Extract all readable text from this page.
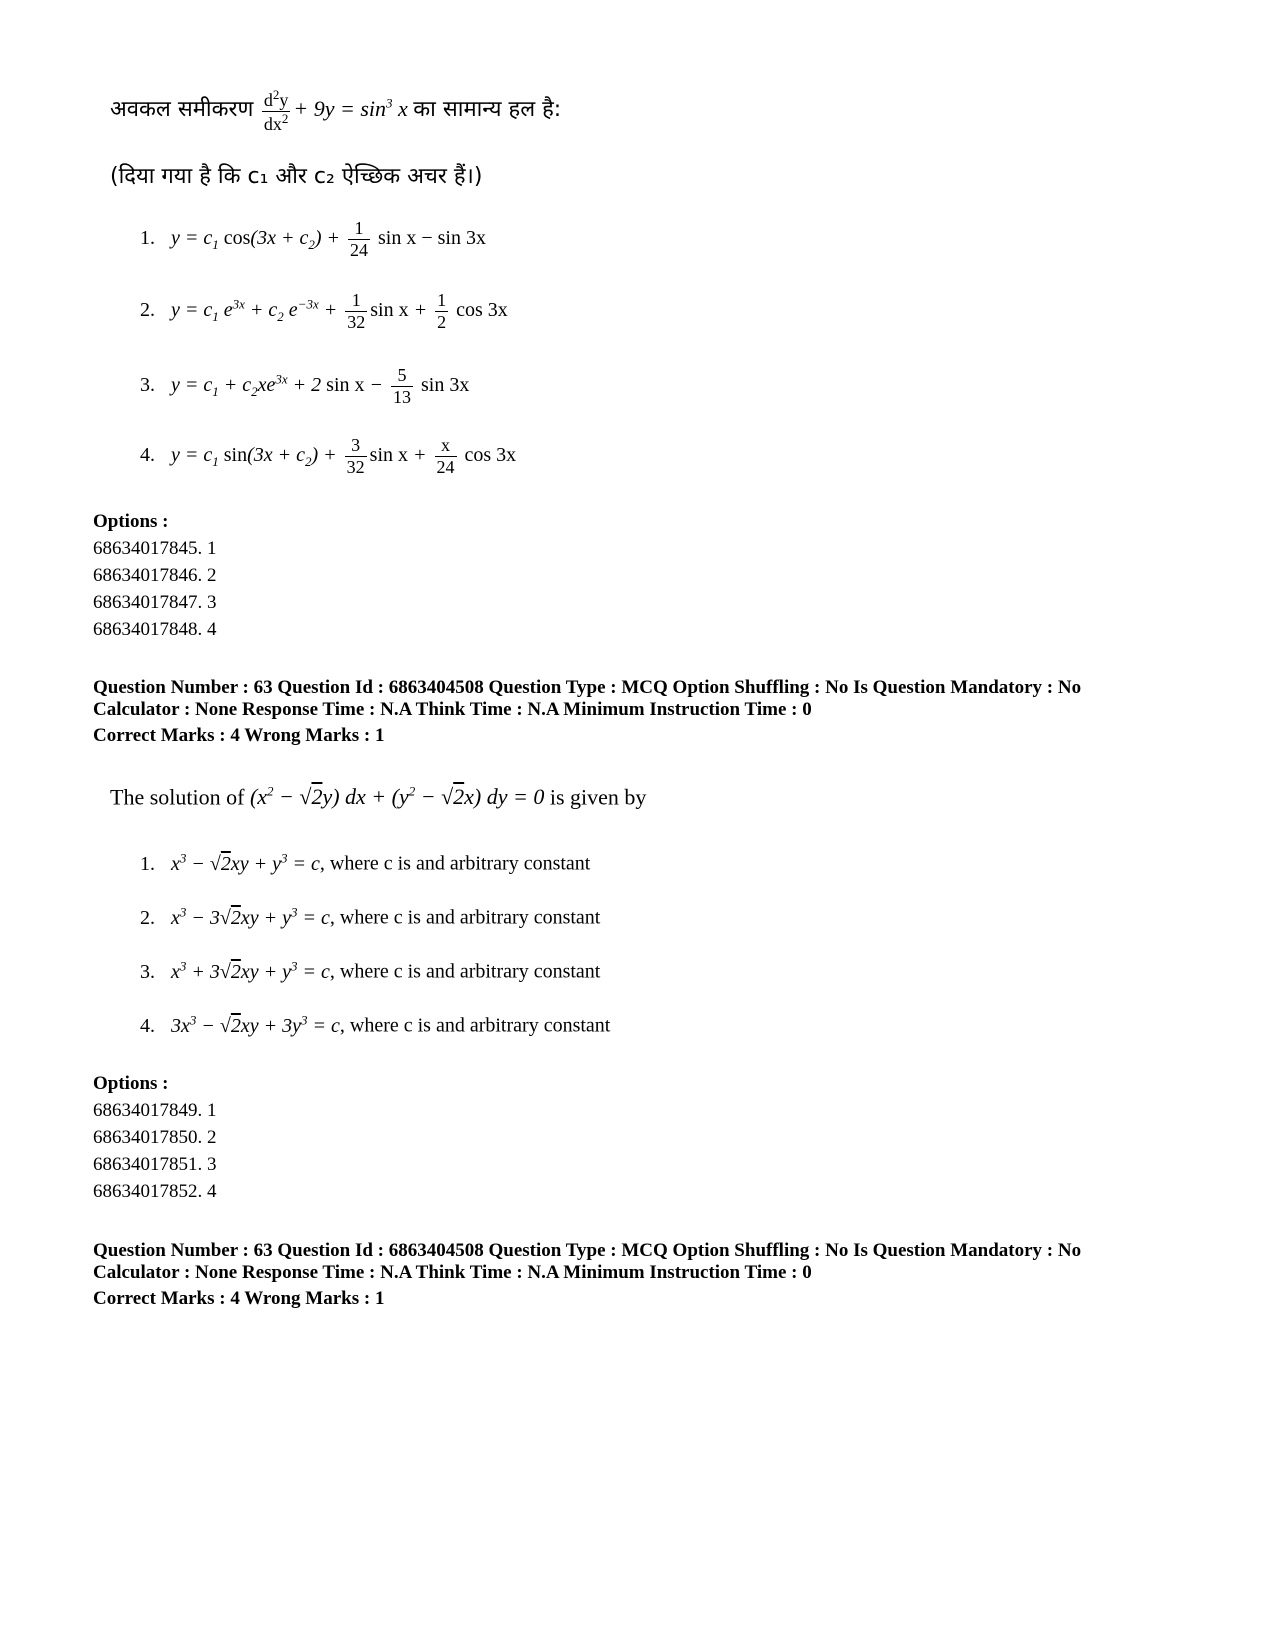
अवकल समीकरण $\frac{d^2y}{dx^2} + 9y = \sin^3 x$ का सामान्य हल है:
(दिया गया है कि c₁ और c₂ ऐच्छिक अचर हैं।)
1. $y = c_1$ $\cos(3x + c_2) + \frac{1}{24}$ sin x − sin 3x
2. $y = c_1$ $e^{3x} + c_2$ $e^{-3x} + \frac{1}{32}$ $\sin x + \frac{1}{2}$ cos 3x
3. $y = c_1 + c_2xe^{3x} + 2$ $\sin x - \frac{5}{13}$ sin 3x
4. $y = c_1$ $\sin(3x + c_2) + \frac{3}{32}$ $\sin x + \frac{x}{24}$ cos 3x
Options :
68634017845. 1
68634017846. 2
68634017847. 3
68634017848. 4
Question Number : 63 Question Id : 6863404508 Question Type : MCQ Option Shuffling : No Is Question Mandatory : No
Calculator : None Response Time : N.A Think Time : N.A Minimum Instruction Time : 0
Correct Marks : 4 Wrong Marks : 1
The solution of $(x^2 - √2y)$ dx + $(y^2 - √2x)$ dy = 0 is given by
1. $x^3 - √2xy + y^3 = c$, where c is and arbitrary constant
2. $x^3 - 3√2xy + y^3 = c$, where c is and arbitrary constant
3. $x^3 + 3√2xy + y^3 = c$, where c is and arbitrary constant
4. $3x^3 - √2xy + 3y^3 = c$, where c is and arbitrary constant
Options :
68634017849. 1
68634017850. 2
68634017851. 3
68634017852. 4
Question Number : 63 Question Id : 6863404508 Question Type : MCQ Option Shuffling : No Is Question Mandatory : No
Calculator : None Response Time : N.A Think Time : N.A Minimum Instruction Time : 0
Correct Marks : 4 Wrong Marks : 1
